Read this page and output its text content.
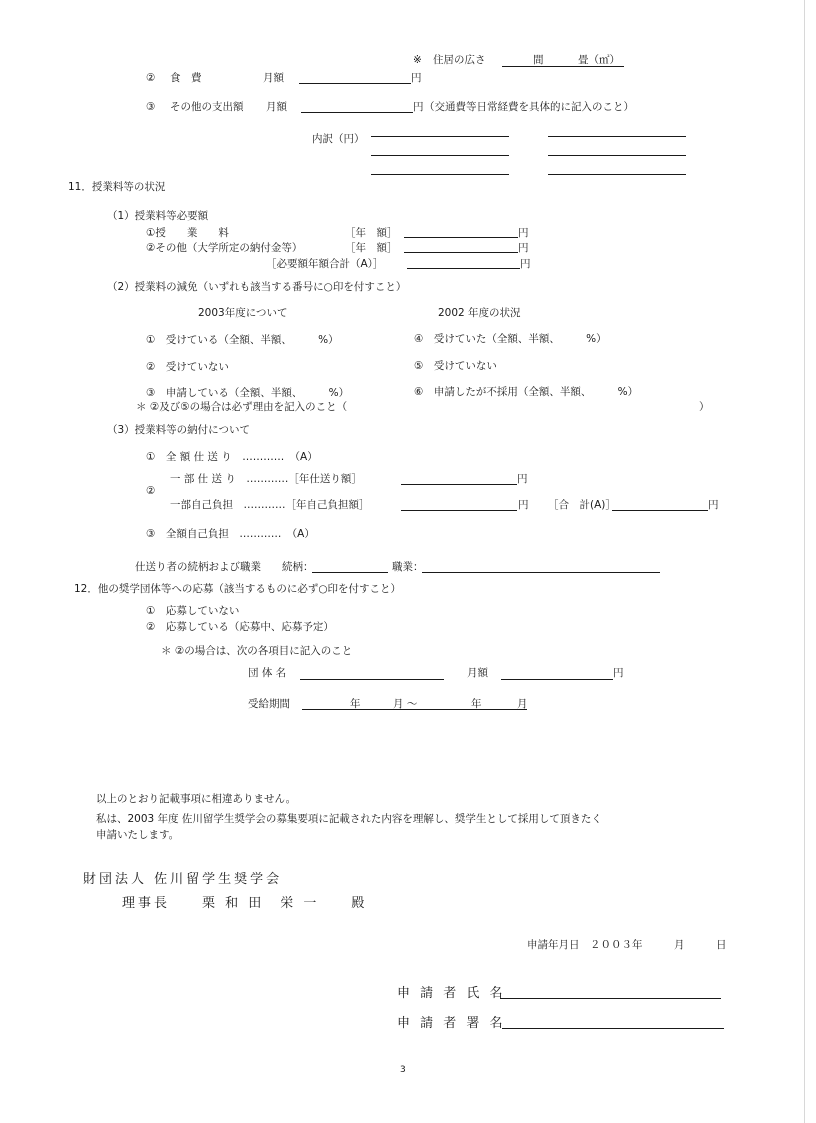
※ 住居の広さ	間	畳（㎡）
② 食　費	月額	円
③ その他の支出額 月額	円 （交通費等日常経費を具体的に記入のこと）
内訳（円）
11．授業料等の状況
（1）授業料等必要額
①授　　業　　料	［年　額］	円
②その他（大学所定の納付金等）	［年　額］	円
［必要額年額合計（A）］	円
（2）授業料の減免（いずれも該当する番号に○印を付すこと）
2003年度について	2002 年度の状況
①　受けている（全額、半額、　　　%）	④　受けていた（全額、半額、　　　%）
②　受けていない	⑤　受けていない
③　申請している（全額、半額、　　　%）	⑥　申請したが不採用（全額、半額、　　　%）
＊ ②及び⑤の場合は必ず理由を記入のこと（	）
（3）授業料等の納付について
①　全 額 仕 送 り　…………　（A）
②
一 部 仕 送 り　…………［年仕送り額］	円
一部自己負担　…………［年自己負担額］	円 ［合　計(A)］	円
③　全額自己負担　…………　（A）
仕送り者の続柄および職業 続柄：	職業：
12．他の奨学団体等への応募（該当するものに必ず○印を付すこと）
①　応募していない
②　応募している（応募中、応募予定）
＊ ②の場合は、次の各項目に記入のこと
団 体 名	月額	円
受給期間	年	月 〜	年	月
以上のとおり記載事項に相違ありません。
私は、2003 年度 佐川留学生奨学会の募集要項に記載された内容を理解し、奨学生として採用して頂きたく
申請いたします。
財団法人 佐川留学生奨学会
理事長　　栗 和 田　栄 一　　殿
申請年月日　２００３年　　　月　　　日
申 請 者 氏 名
申 請 者 署 名
3
